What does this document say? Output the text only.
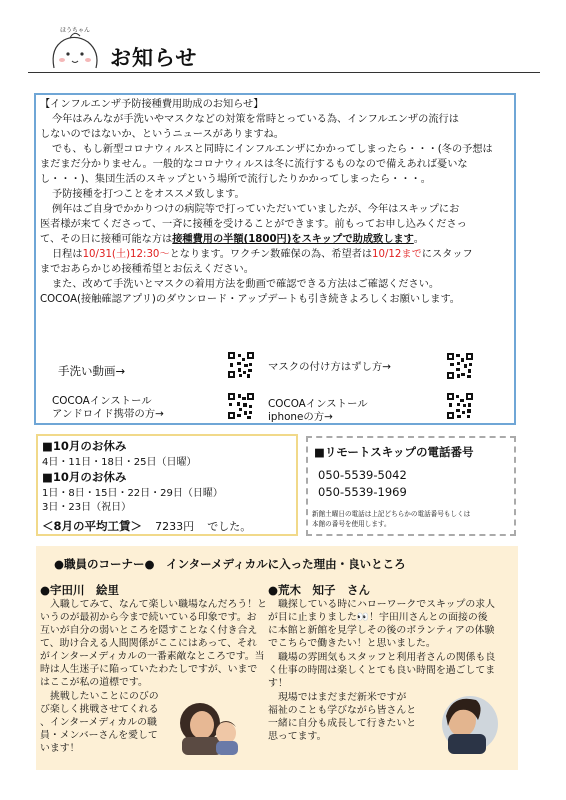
ほうちゃん
お知らせ
【インフルエンザ予防接種費用助成のお知らせ】
今年はみんなが手洗いやマスクなどの対策を常時とっている為、インフルエンザの流行は
しないのではないか、というニュースがありますね。
でも、もし新型コロナウィルスと同時にインフルエンザにかかってしまったら・・・(冬の予想は
まだまだ分かりません。一般的なコロナウィルスは冬に流行するものなので備えあれば憂いな
し・・・)、集団生活のスキップという場所で流行したりかかってしまったら・・・。
予防接種を打つことをオススメ致します。
例年はご自身でかかりつけの病院等で打っていただいていましたが、今年はスキップにお
医者様が来てくださって、一斉に接種を受けることができます。前もってお申し込みくださっ
て、その日に接種可能な方は接種費用の半額(1800円)をスキップで助成致します。
日程は10/31(土)12:30～となります。ワクチン数確保の為、希望者は10/12までにスタッフ
までおあらかじめ接種希望とお伝えください。
また、改めて手洗いとマスクの着用方法を動画で確認できる方法はご確認ください。
COCOA(接触確認アプリ)のダウンロード・アップデートも引き続きよろしくお願いします。
手洗い動画→	マスクの付け方はずし方→
COCOAインストール
アンドロイド携帯の方→
COCOAインストール
iphoneの方→
■10月のお休み
4日・11日・18日・25日（日曜）
■10月のお休み
1日・8日・15日・22日・29日（日曜）
3日・23日（祝日）
＜8月の平均工賃＞ 7233円 でした。
■リモートスキップの電話番号
050-5539-5042
050-5539-1969
新館土曜日の電話は上記どちらかの電話番号もしくは
本館の番号を使用します。
●職員のコーナー●　インターメディカルに入った理由・良いところ
●宇田川　絵里
入職してみて、なんて楽しい職場なんだろう！と
いうのが最初から今まで続いている印象です。お
互いが自分の弱いところを隠すことなく付き合え
て、助け合える人間関係がここにはあって、それ
がインターメディカルの一番素敵なところです。当
時は人生迷子に陥っていたわたしですが、いまで
はここが私の道標です。
挑戦したいことにのびの
び楽しく挑戦させてくれる
、インターメディカルの職
員・メンバーさんを愛して
います！
●荒木　知子　さん
職探している時にハローワークでスキップの求人
が目に止まりました👀！宇田川さんとの面接の後
に本館と新館を見学しその後のボランティアの体験
でこちらで働きたい！と思いました。
職場の雰囲気もスタッフと利用者さんの関係も良
く仕事の時間は楽しくとても良い時間を過ごしてま
す！
現場ではまだまだ新米ですが
福祉のことも学びながら皆さんと
一緒に自分も成長して行きたいと
思ってます。
